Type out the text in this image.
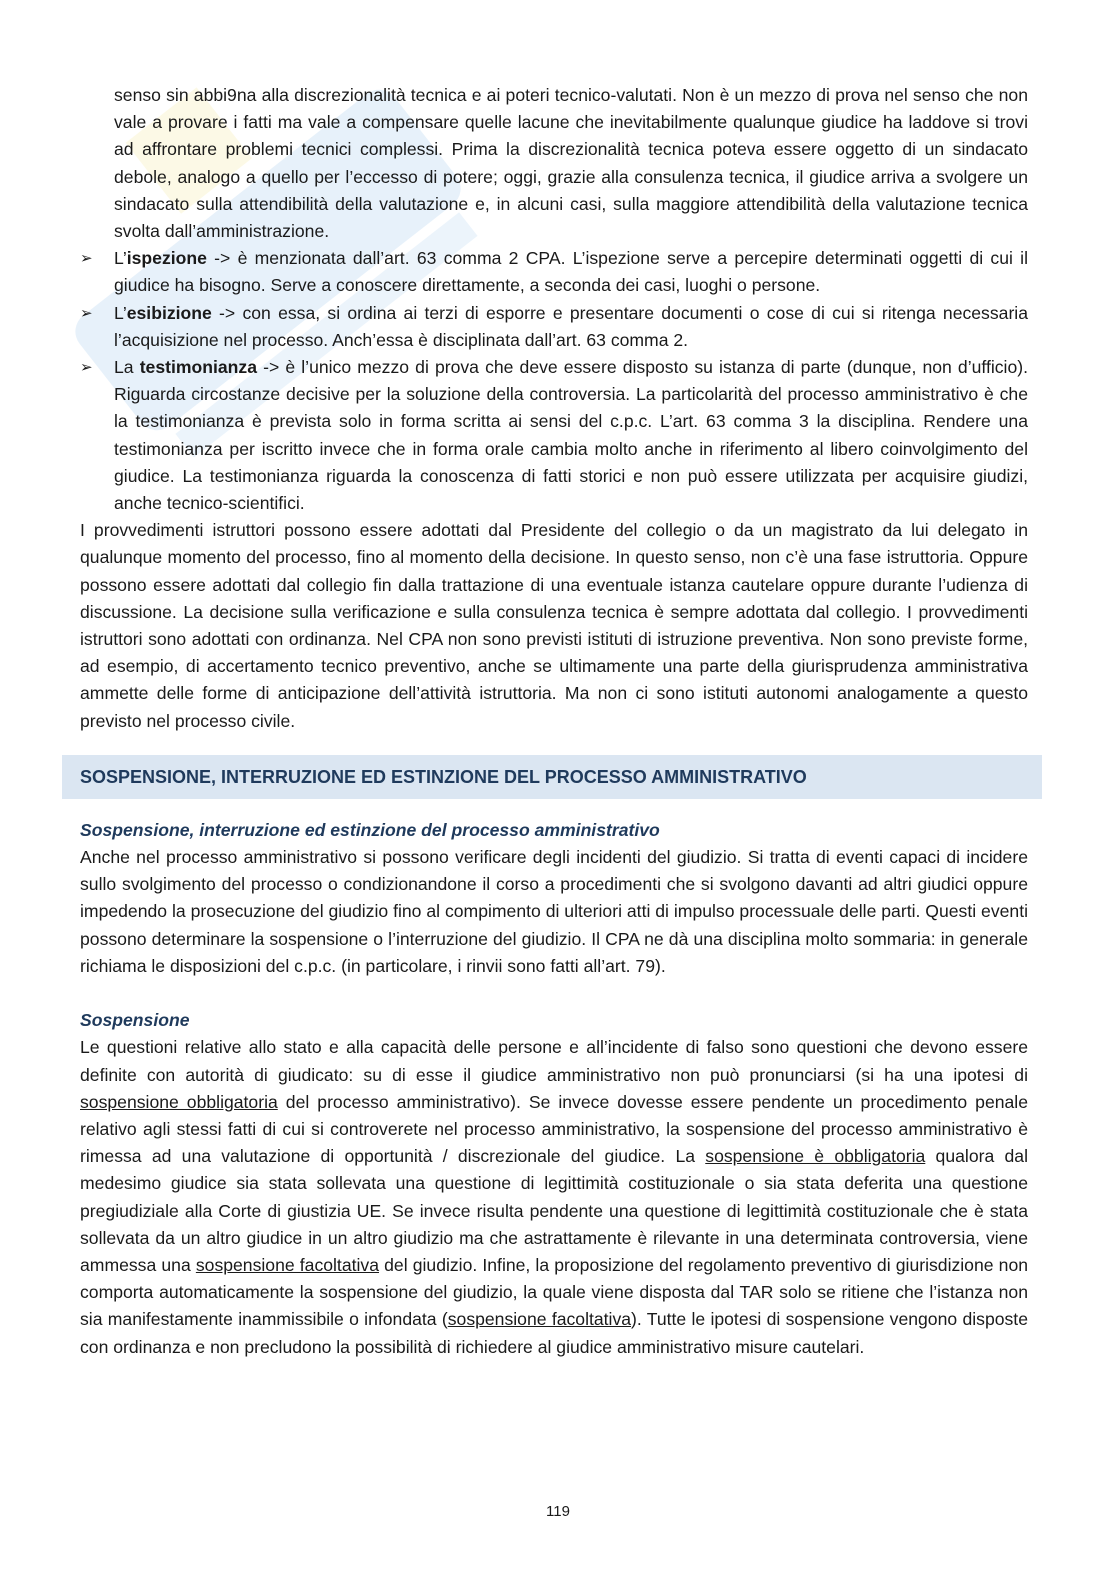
senso sin abbi9na alla discrezionalità tecnica e ai poteri tecnico-valutati. Non è un mezzo di prova nel senso che non vale a provare i fatti ma vale a compensare quelle lacune che inevitabilmente qualunque giudice ha laddove si trovi ad affrontare problemi tecnici complessi. Prima la discrezionalità tecnica poteva essere oggetto di un sindacato debole, analogo a quello per l’eccesso di potere; oggi, grazie alla consulenza tecnica, il giudice arriva a svolgere un sindacato sulla attendibilità della valutazione e, in alcuni casi, sulla maggiore attendibilità della valutazione tecnica svolta dall’amministrazione.
➢	L’ispezione -> è menzionata dall’art. 63 comma 2 CPA. L’ispezione serve a percepire determinati oggetti di cui il giudice ha bisogno. Serve a conoscere direttamente, a seconda dei casi, luoghi o persone.
➢	L’esibizione -> con essa, si ordina ai terzi di esporre e presentare documenti o cose di cui si ritenga necessaria l’acquisizione nel processo. Anch’essa è disciplinata dall’art. 63 comma 2.
➢	La testimonianza -> è l’unico mezzo di prova che deve essere disposto su istanza di parte (dunque, non d’ufficio). Riguarda circostanze decisive per la soluzione della controversia. La particolarità del processo amministrativo è che la testimonianza è prevista solo in forma scritta ai sensi del c.p.c. L’art. 63 comma 3 la disciplina. Rendere una testimonianza per iscritto invece che in forma orale cambia molto anche in riferimento al libero coinvolgimento del giudice. La testimonianza riguarda la conoscenza di fatti storici e non può essere utilizzata per acquisire giudizi, anche tecnico-scientifici.
I provvedimenti istruttori possono essere adottati dal Presidente del collegio o da un magistrato da lui delegato in qualunque momento del processo, fino al momento della decisione. In questo senso, non c’è una fase istruttoria. Oppure possono essere adottati dal collegio fin dalla trattazione di una eventuale istanza cautelare oppure durante l’udienza di discussione. La decisione sulla verificazione e sulla consulenza tecnica è sempre adottata dal collegio. I provvedimenti istruttori sono adottati con ordinanza. Nel CPA non sono previsti istituti di istruzione preventiva. Non sono previste forme, ad esempio, di accertamento tecnico preventivo, anche se ultimamente una parte della giurisprudenza amministrativa ammette delle forme di anticipazione dell’attività istruttoria. Ma non ci sono istituti autonomi analogamente a questo previsto nel processo civile.
SOSPENSIONE, INTERRUZIONE ED ESTINZIONE DEL PROCESSO AMMINISTRATIVO
Sospensione, interruzione ed estinzione del processo amministrativo
Anche nel processo amministrativo si possono verificare degli incidenti del giudizio. Si tratta di eventi capaci di incidere sullo svolgimento del processo o condizionandone il corso a procedimenti che si svolgono davanti ad altri giudici oppure impedendo la prosecuzione del giudizio fino al compimento di ulteriori atti di impulso processuale delle parti. Questi eventi possono determinare la sospensione o l’interruzione del giudizio. Il CPA ne dà una disciplina molto sommaria: in generale richiama le disposizioni del c.p.c. (in particolare, i rinvii sono fatti all’art. 79).
Sospensione
Le questioni relative allo stato e alla capacità delle persone e all’incidente di falso sono questioni che devono essere definite con autorità di giudicato: su di esse il giudice amministrativo non può pronunciarsi (si ha una ipotesi di sospensione obbligatoria del processo amministrativo). Se invece dovesse essere pendente un procedimento penale relativo agli stessi fatti di cui si controverete nel processo amministrativo, la sospensione del processo amministrativo è rimessa ad una valutazione di opportunità / discrezionale del giudice. La sospensione è obbligatoria qualora dal medesimo giudice sia stata sollevata una questione di legittimità costituzionale o sia stata deferita una questione pregiudiziale alla Corte di giustizia UE. Se invece risulta pendente una questione di legittimità costituzionale che è stata sollevata da un altro giudice in un altro giudizio ma che astrattamente è rilevante in una determinata controversia, viene ammessa una sospensione facoltativa del giudizio. Infine, la proposizione del regolamento preventivo di giurisdizione non comporta automaticamente la sospensione del giudizio, la quale viene disposta dal TAR solo se ritiene che l’istanza non sia manifestamente inammissibile o infondata (sospensione facoltativa). Tutte le ipotesi di sospensione vengono disposte con ordinanza e non precludono la possibilità di richiedere al giudice amministrativo misure cautelari.
119
